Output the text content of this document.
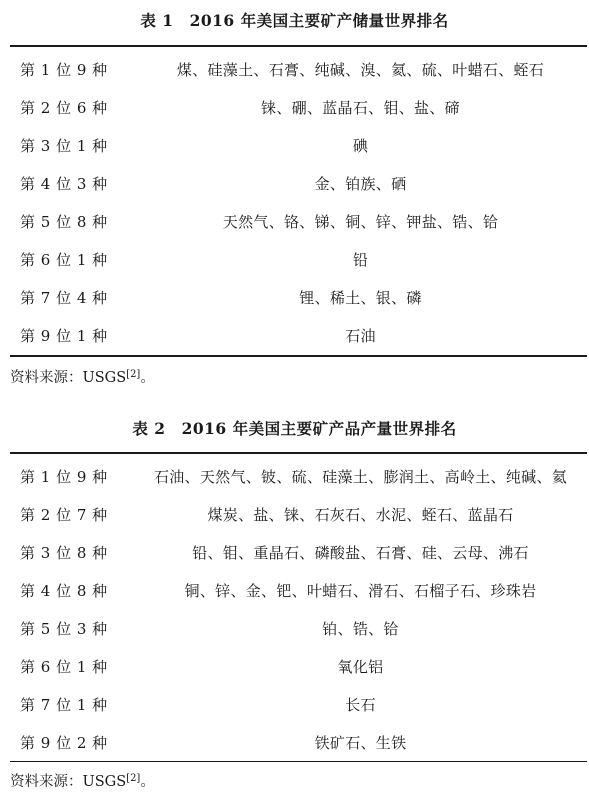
表 1 2016 年美国主要矿产储量世界排名
第 1 位 9 种	煤、硅藻土、石膏、纯碱、溴、氦、硫、叶蜡石、蛭石
第 2 位 6 种	铼、硼、蓝晶石、钼、盐、碲
第 3 位 1 种	碘
第 4 位 3 种	金、铂族、硒
第 5 位 8 种	天然气、铬、锑、铜、锌、钾盐、锆、铪
第 6 位 1 种	铅
第 7 位 4 种	锂、稀土、银、磷
第 9 位 1 种	石油
资料来源：USGS[2]。
表 2 2016 年美国主要矿产品产量世界排名
第 1 位 9 种	石油、天然气、铍、硫、硅藻土、膨润土、高岭土、纯碱、氦
第 2 位 7 种	煤炭、盐、铼、石灰石、水泥、蛭石、蓝晶石
第 3 位 8 种	铅、钼、重晶石、磷酸盐、石膏、硅、云母、沸石
第 4 位 8 种	铜、锌、金、钯、叶蜡石、滑石、石榴子石、珍珠岩
第 5 位 3 种	铂、锆、铪
第 6 位 1 种	氧化铝
第 7 位 1 种	长石
第 9 位 2 种	铁矿石、生铁
资料来源：USGS[2]。
